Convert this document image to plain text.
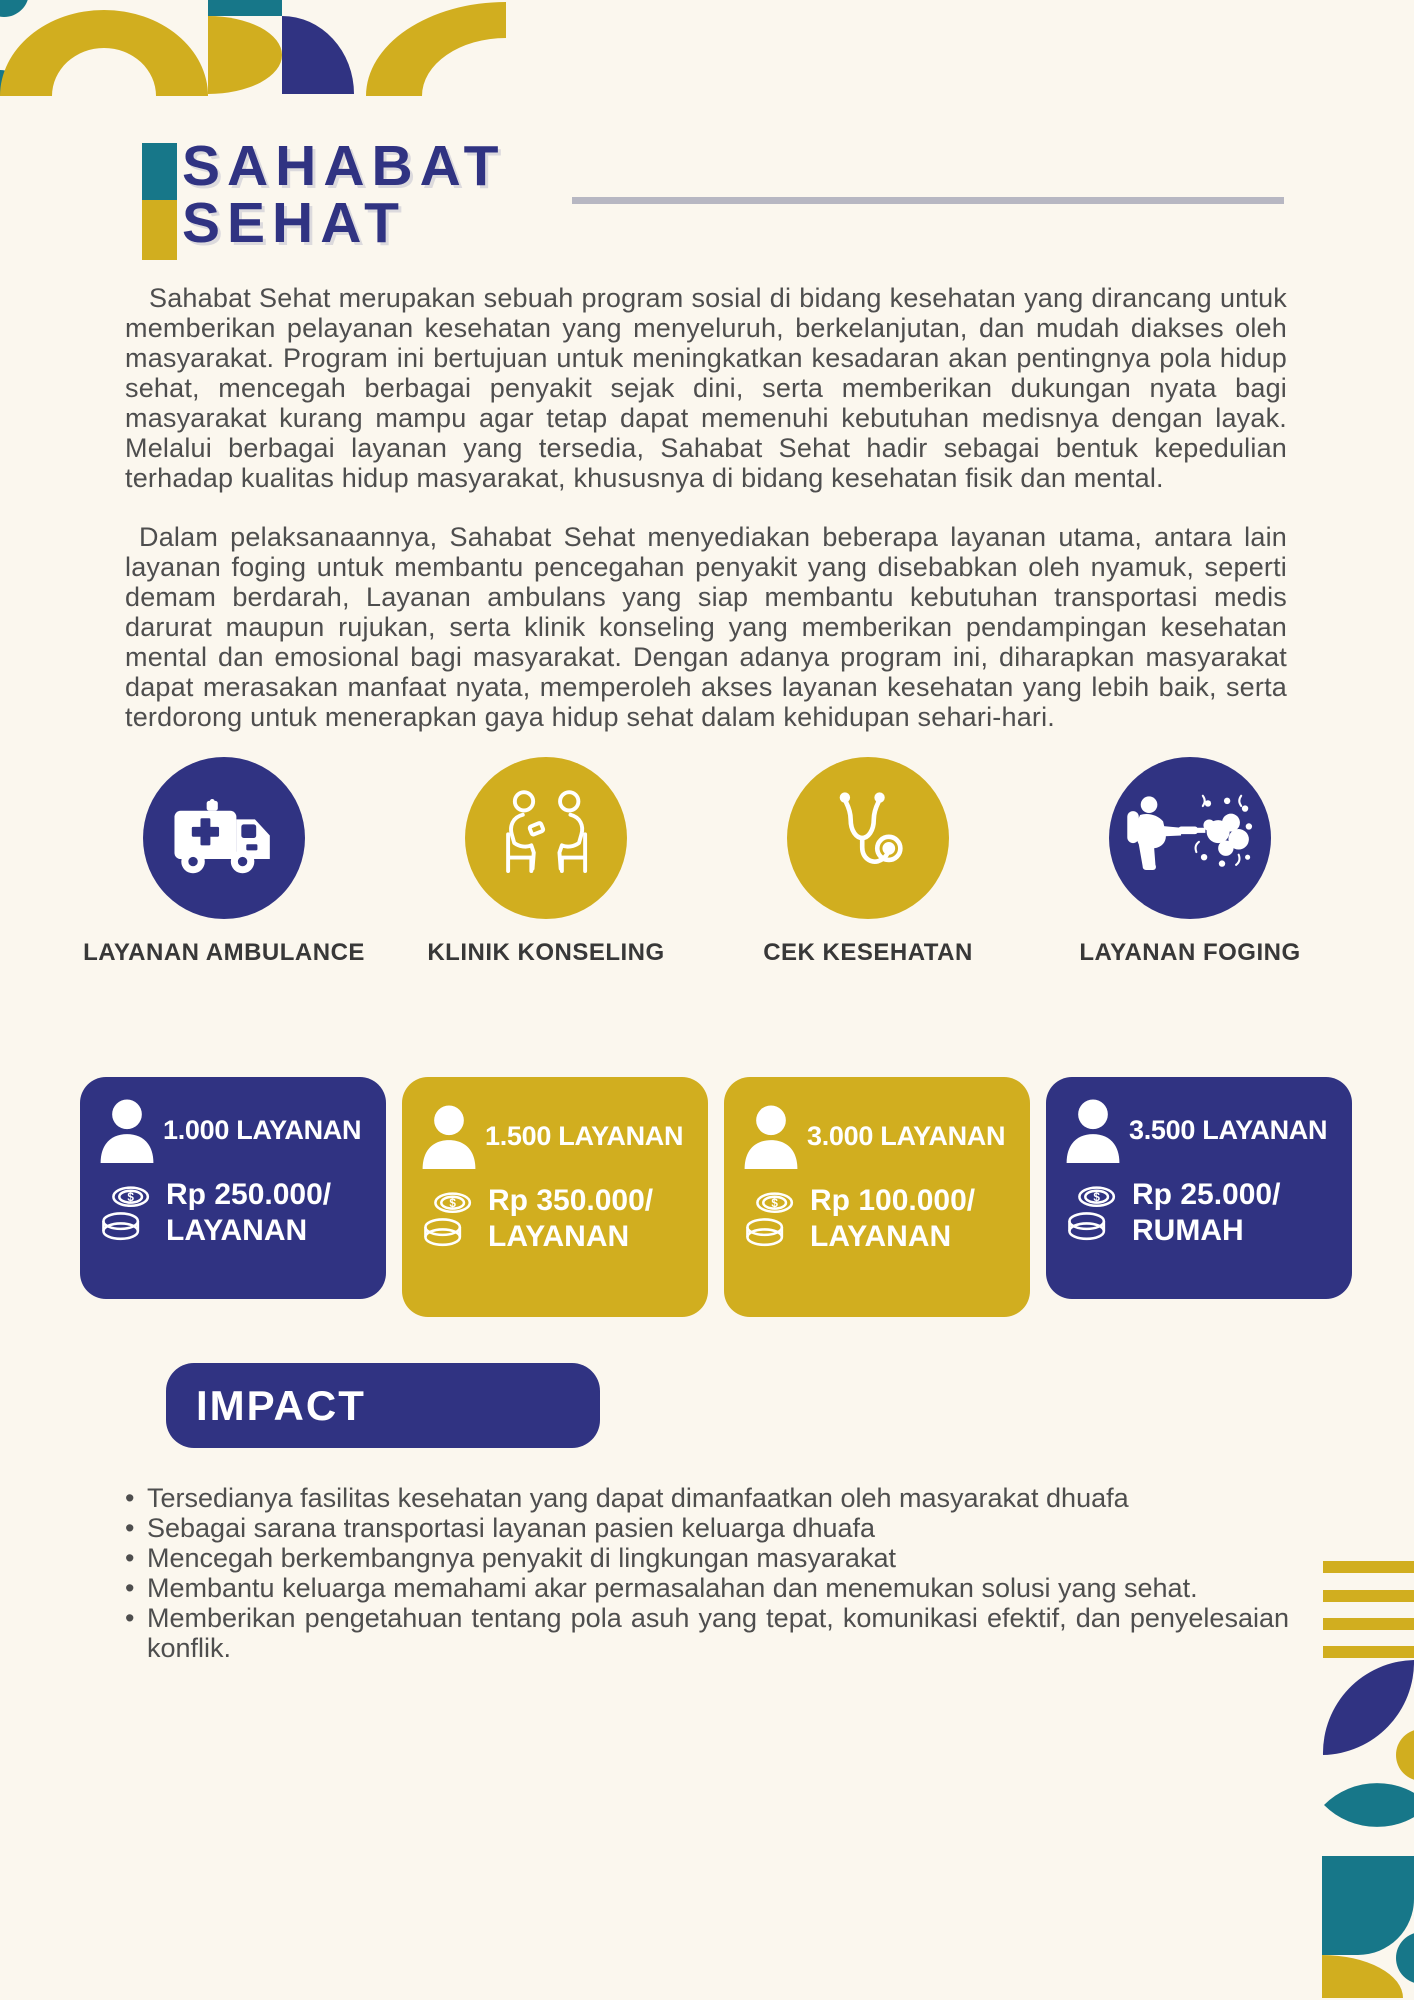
SAHABAT
SEHAT

Sahabat Sehat merupakan sebuah program sosial di bidang kesehatan yang dirancang untuk memberikan pelayanan kesehatan yang menyeluruh, berkelanjutan, dan mudah diakses oleh masyarakat. Program ini bertujuan untuk meningkatkan kesadaran akan pentingnya pola hidup sehat, mencegah berbagai penyakit sejak dini, serta memberikan dukungan nyata bagi masyarakat kurang mampu agar tetap dapat memenuhi kebutuhan medisnya dengan layak. Melalui berbagai layanan yang tersedia, Sahabat Sehat hadir sebagai bentuk kepedulian terhadap kualitas hidup masyarakat, khususnya di bidang kesehatan fisik dan mental.

Dalam pelaksanaannya, Sahabat Sehat menyediakan beberapa layanan utama, antara lain layanan foging untuk membantu pencegahan penyakit yang disebabkan oleh nyamuk, seperti demam berdarah, Layanan ambulans yang siap membantu kebutuhan transportasi medis darurat maupun rujukan, serta klinik konseling yang memberikan pendampingan kesehatan mental dan emosional bagi masyarakat. Dengan adanya program ini, diharapkan masyarakat dapat merasakan manfaat nyata, memperoleh akses layanan kesehatan yang lebih baik, serta terdorong untuk menerapkan gaya hidup sehat dalam kehidupan sehari-hari.

LAYANAN AMBULANCE	KLINIK KONSELING	CEK KESEHATAN	LAYANAN FOGING
1.000 LAYANAN
$ Rp 250.000/
LAYANAN
1.500 LAYANAN
$ Rp 350.000/
LAYANAN
3.000 LAYANAN
$ Rp 100.000/
LAYANAN
3.500 LAYANAN
$ Rp 25.000/
RUMAH
IMPACT
• Tersedianya fasilitas kesehatan yang dapat dimanfaatkan oleh masyarakat dhuafa
• Sebagai sarana transportasi layanan pasien keluarga dhuafa
• Mencegah berkembangnya penyakit di lingkungan masyarakat
• Membantu keluarga memahami akar permasalahan dan menemukan solusi yang sehat.
• Memberikan pengetahuan tentang pola asuh yang tepat, komunikasi efektif, dan penyelesaian konflik.
